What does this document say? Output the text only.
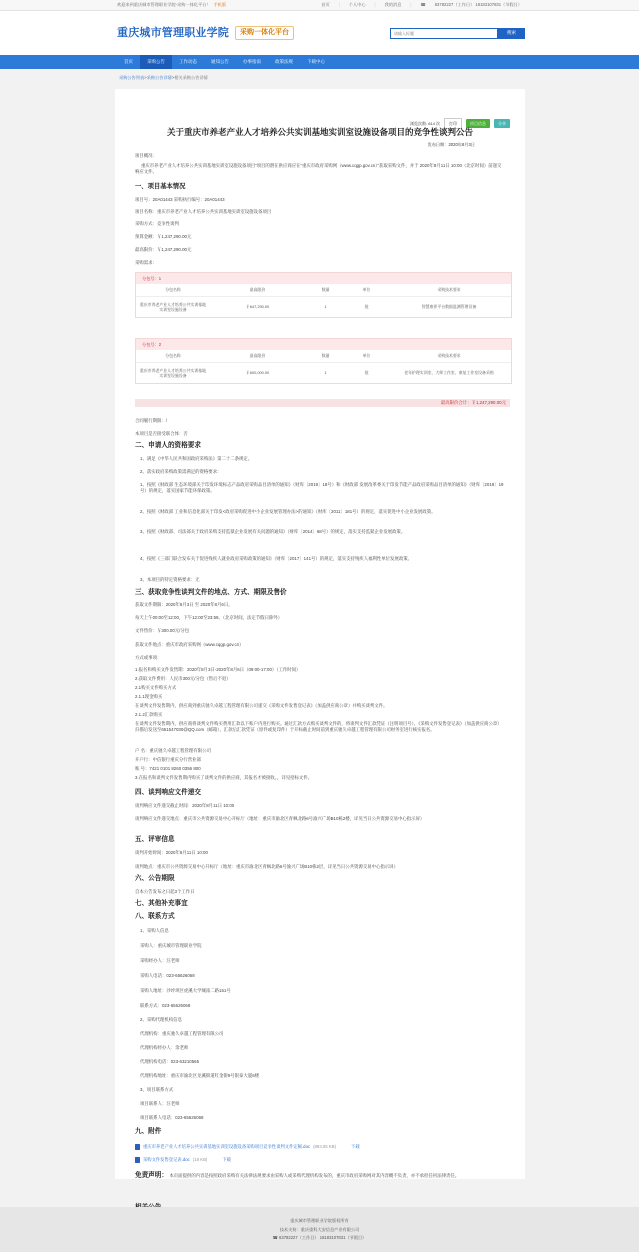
欢迎来到重庆城市管理职业学院-采购一体化平台！ 手机版	首页 | 个人中心 | 我的消息 | ☎ 63782227（工作日） 18183107831（节假日）
重庆城市管理职业学院	采购一体化平台
请输入标题	搜索
首页	采购公告	工作动态	通知公告	办事指南	政策法规	下载中心
采购公告列表 > 采购公告详情 > 相关采购公告详情
浏览次数: 614 次	打印	项目信息	分享
关于重庆市养老产业人才培养公共实训基地实训室设施设备项目的竞争性谈判公告
发布日期：2020年8月3日

项目概况：

重庆市养老产业人才培养公共实训基地实训室设施设备项目”项目的潜在供应商应在“重庆市政府采购网（www.cqgp.gov.cn）”获取采购文件，并于 2020年8月11日 10:00（北京时间）前递交响应文件。

一、项目基本情况

项目号：20A01443 采购执行编号：20A01443

项目名称：重庆市养老产业人才培养公共实训基地实训室设施设备项目

采购方式：竞争性谈判

预算金额：￥1,247,290.00元

最高限价：￥1,247,290.00元

采购需求：

分包号：1
分包名称	最高限价	数量	单位	采购技术要求
重庆市养老产业人才培养公共实训基地实训室设施设备	￥647,290.00	1	批	智慧康养平台数据监测管理设备
分包号：2
分包名称	最高限价	数量	单位	采购技术要求
重庆市养老产业人才培养公共实训基地实训室设施设备	￥600,000.00	1	批	老年护理实训室、大师工作室、康复工作室设备采购
最高限价合计：￥1,247,290.00元

合同履行期限：/

本项目是否接受联合体：否

二、申请人的资格要求

1、满足《中华人民共和国政府采购法》第二十二条规定。

2、落实政府采购政策需满足的资格要求：

1、按照《财政部 生态环境部关于印发环境标志产品政府采购品目清单的通知》（财库〔2019〕18号）和《财政部 发展改革委关于印发节能产品政府采购品目清单的通知》（财库〔2019〕19号）的规定，落实国家节能环保政策。

2、按照《财政部 工业和信息化部关于印发<政府采购促进中小企业发展管理办法>的通知》（财库〔2011〕181号）的规定，落实促进中小企业发展政策。

3、按照《财政部、司法部关于政府采购支持监狱企业发展有关问题的通知》（财库〔2014〕68号）的规定，落实支持监狱企业发展政策。

4、按照《三部门联合发布关于促进残疾人就业政府采购政策的通知》（财库〔2017〕141号）的规定，落实支持残疾人福利性单位发展政策。

3、本项目的特定资格要求：无

三、获取竞争性谈判文件的地点、方式、期限及售价

获取文件期限：2020年8月3日 至 2020年8月6日。

每天上午00:00至12:00，下午12:00至23:59。（北京时间，法定节假日除外）

文件售价：￥300.00元/分包

获取文件地点：重庆市政府采购网（www.cqgp.gov.cn）

方式或事项：

1.报名和购买文件发售期：2020年8月3日-2020年8月6日（09:00-17:00）（工作时间）

2.获取文件费用：人民币300元/分包（售后不退）

2.1购买文件购买方式

2.1.1现金购买

在谈判文件发售期内，供应商到重庆驰久卓越工程管理有限公司递交《采购文件发售登记表》（加盖供应商公章）并购买谈判文件。

2.1.2汇款购买

在谈判文件发售期内，供应商将谈判文件购买费用汇款以下账户内进行购买。通过汇款方式购买谈判文件的，将谈判文件汇款凭证（注明项目号）、《采购文件发售登记表》（加盖供应商公章）扫描后发送至651547030@QQ.com（邮箱），汇款后汇款凭证（原件或复印件）于开标截止时间前到重庆驰久卓越工程管理有限公司财务室进行核实报名。

户 名：重庆驰久卓越工程管理有限公司

开户行：中信银行重庆分行营业部

账 号：7421 0101 8260 0356 800

3.在报名和谈判文件发售期内购买了谈判文件的供应商，其报名才被接收。，详见招标文件。

四、谈判响应文件递交

谈判响应文件递交截止时间：2020年8月11日 10:00

谈判响应文件递交地点：重庆市公共资源交易中心开标厅（地址：重庆市渝北区青枫北路6号渝兴广场B10栋2楼，详见当日公共资源交易中心指示屏）

五、评审信息

谈判开始时间：2020年8月11日 10:00

谈判地点：重庆市公共资源交易中心开标厅（地址：重庆市渝北区青枫北路6号渝兴广场B10栋2层，详见当日公共资源交易中心指示屏）

六、公告期限

自本公告发布之日起3个工作日

七、其他补充事宜

八、联系方式

1、采购人信息

采购人：重庆城市管理职业学院

采购经办人：汪老师

采购人电话：023-65626068

采购人地址：沙坪坝区虎溪大学城南二路151号

联系方式：023-65626068

2、采购代理机构信息

代理机构：重庆驰久卓越工程管理有限公司

代理机构经办人：余老师

代理机构电话：023-63210565

代理机构地址：重庆市渝北区龙溪街道红金街9号银泰大厦6楼

3、项目联系方式

项目联系人：汪老师

项目联系人电话：023-65626068

九、附件

重庆市养老产业人才培养公共实训基地实训室设施设备采购项目竞争性谈判文件定稿.doc (893.05 KB)	下载
采购文件发售登记表.doc (18 KB)	下载
免责声明： 本页面提供的内容是按照政府采购有关法律法规要求由采购人或采购代理机构发布的，重庆市政府采购网对其内容概不负责，亦不承担任何法律责任。

重庆城市管理职业学院版权所有
技术支持：重庆重科大安信息产业有限公司
☎ 63782227（工作日） 18183107831（节假日）
